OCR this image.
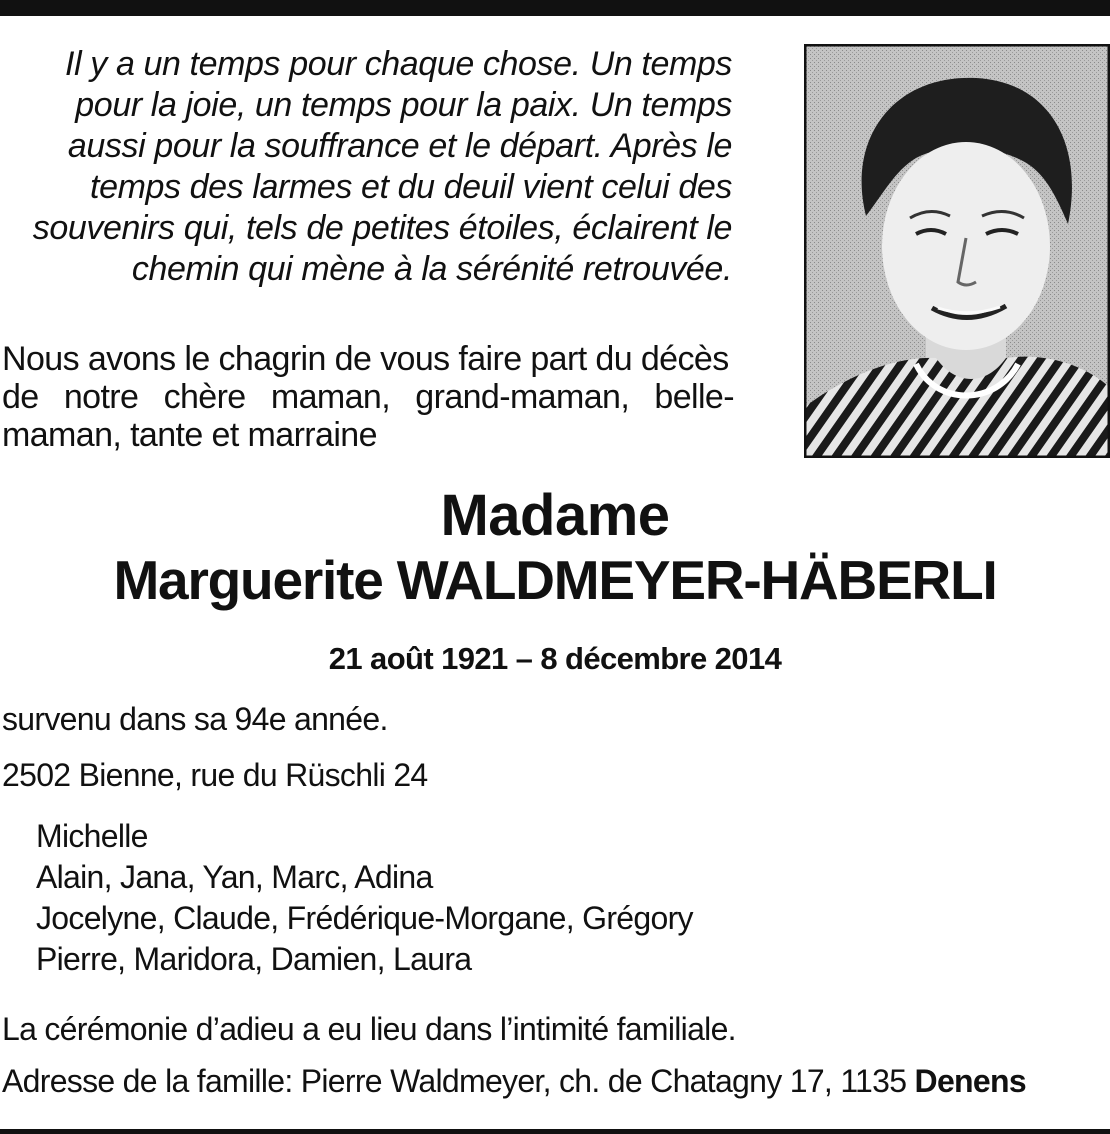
Il y a un temps pour chaque chose. Un temps
pour la joie, un temps pour la paix. Un temps
aussi pour la souffrance et le départ. Après le
temps des larmes et du deuil vient celui des
souvenirs qui, tels de petites étoiles, éclairent le
chemin qui mène à la sérénité retrouvée.
Nous avons le chagrin de vous faire part du décès
de notre chère maman, grand-maman, belle-
maman, tante et marraine
Madame
Marguerite WALDMEYER-HÄBERLI
21 août 1921 – 8 décembre 2014
survenu dans sa 94e année.
2502 Bienne, rue du Rüschli 24
Michelle
Alain, Jana, Yan, Marc, Adina
Jocelyne, Claude, Frédérique-Morgane, Grégory
Pierre, Maridora, Damien, Laura
La cérémonie d’adieu a eu lieu dans l’intimité familiale.
Adresse de la famille: Pierre Waldmeyer, ch. de Chatagny 17, 1135 Denens
